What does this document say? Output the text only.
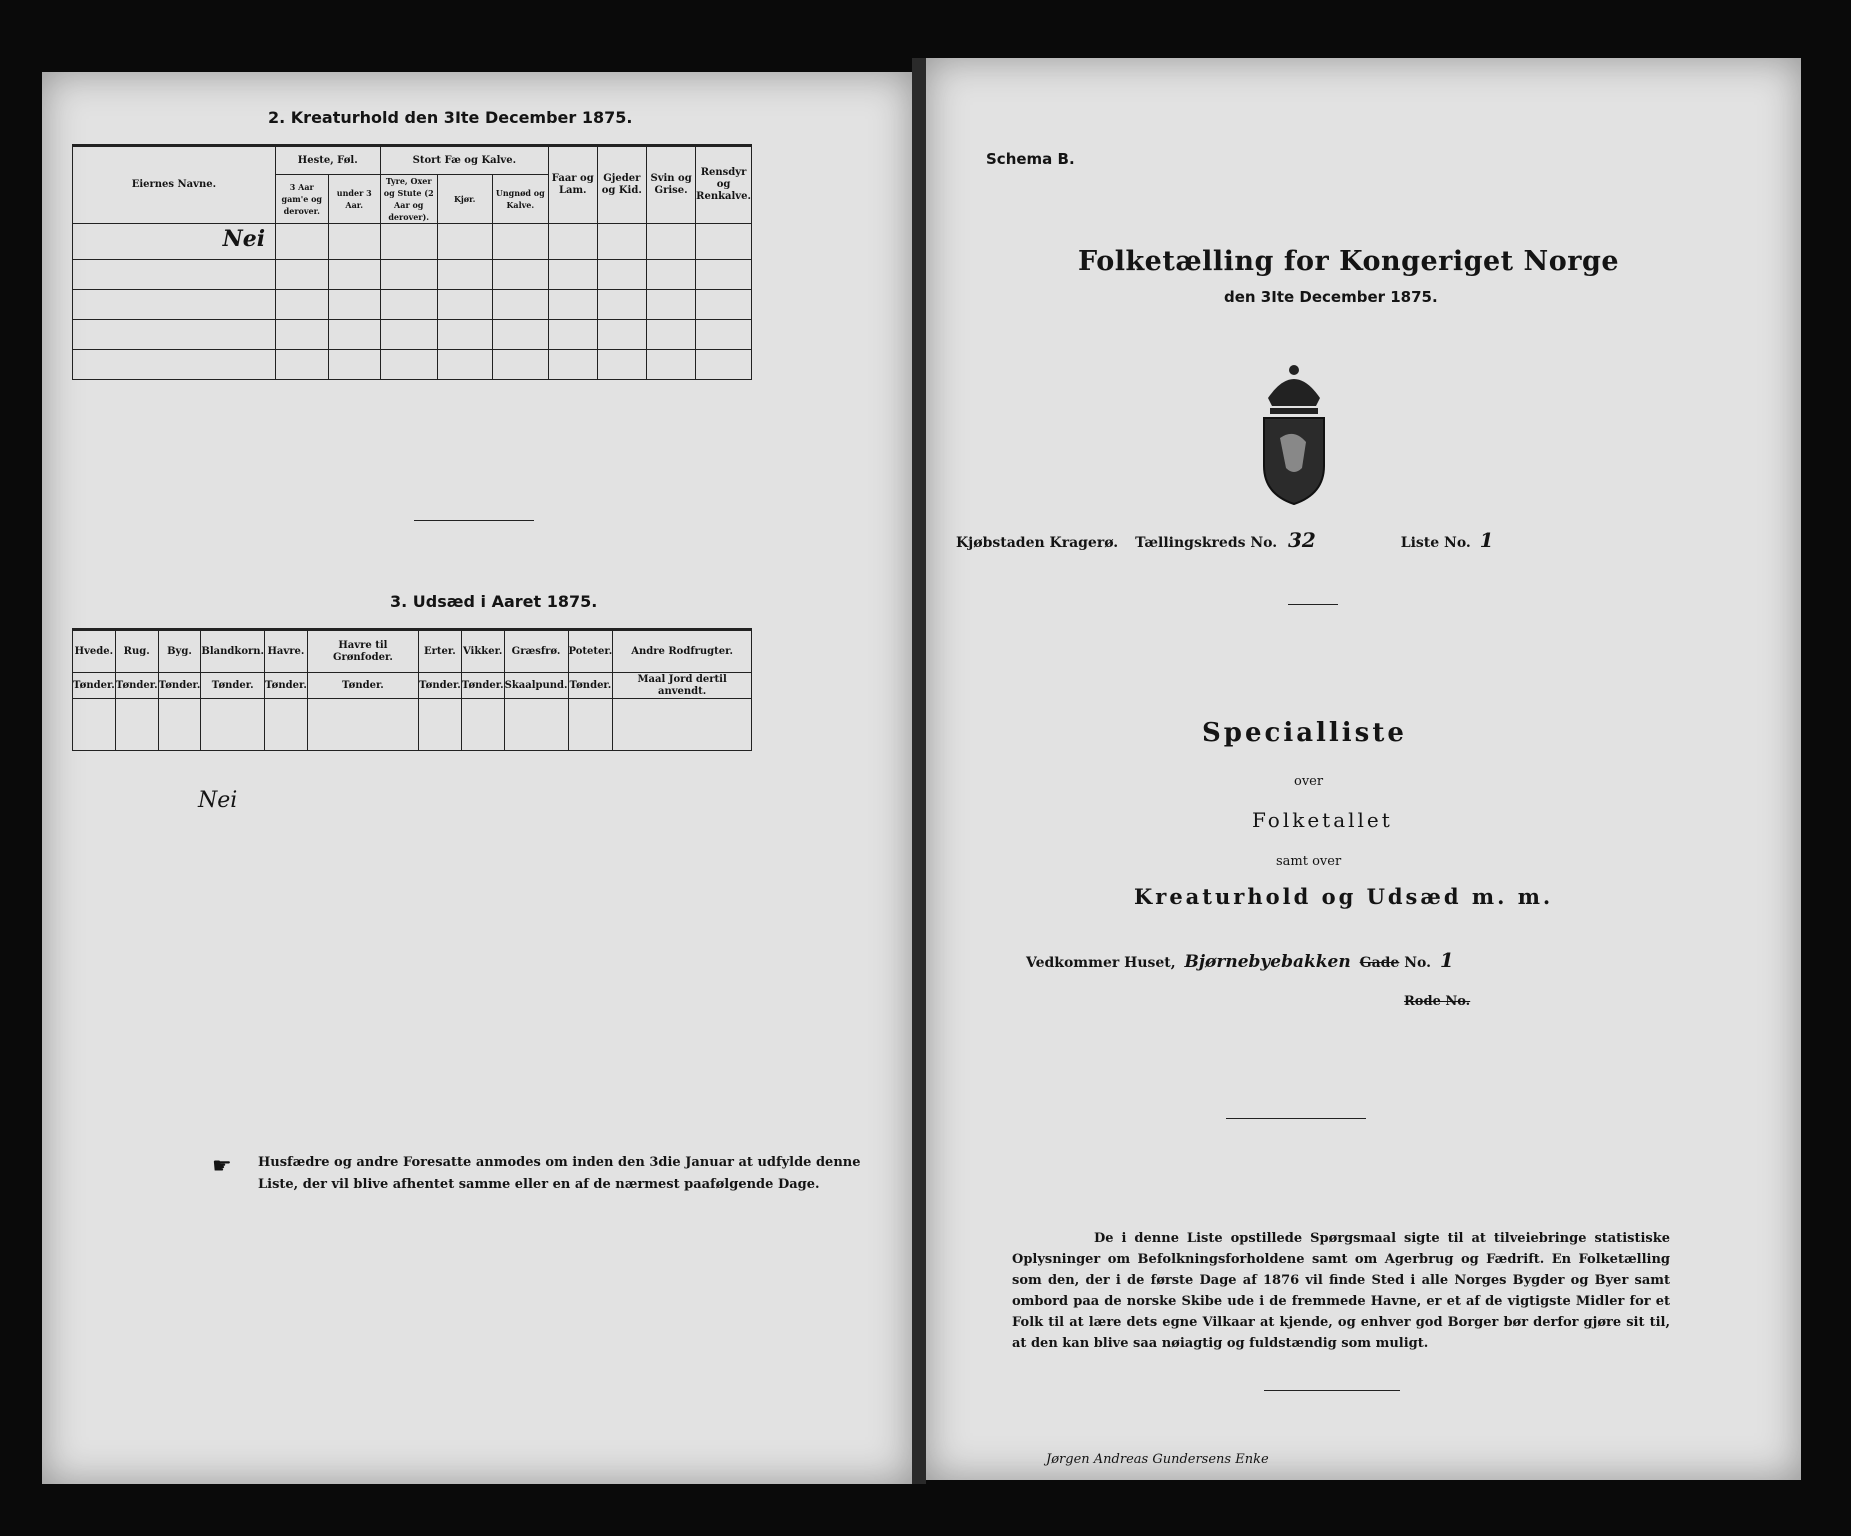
2. Kreaturhold den 3Ite December 1875.
Eiernes Navne.	Heste, Føl.		Stort Fæ og Kalve.			Faar og Lam.	Gjeder og Kid.	Svin og Grise.	Rensdyr og Renkalve.
	3 Aar gam'e og derover.	under 3 Aar.	Tyre, Oxer og Stute (2 Aar og derover).	Kjør.	Ungnød og Kalve.				
Nei									

3. Udsæd i Aaret 1875.
Hvede.	Rug.	Byg.	Blandkorn.	Havre.	Havre til Grønfoder.	Erter.	Vikker.	Græsfrø.	Poteter.	Andre Rodfrugter.
Tønder.	Tønder.	Tønder.	Tønder.	Tønder.	Tønder.	Tønder.	Tønder.	Skaalpund.	Tønder.	Maal Jord dertil anvendt.

Nei
☛ Husfædre og andre Foresatte anmodes om inden den 3die Januar at udfylde denne Liste, der vil blive afhentet samme eller en af de nærmest paafølgende Dage.
Schema B.
Folketælling for Kongeriget Norge
den 3Ite December 1875.
Kjøbstaden Kragerø. Tællingskreds No. 32	Liste No. 1
Specialliste
over
Folketallet
samt over
Kreaturhold og Udsæd m. m.
Vedkommer Huset, Bjørnebyebakken Gade No. 1
Rode No.
De i denne Liste opstillede Spørgsmaal sigte til at tilveiebringe statistiske Oplysninger om Befolkningsforholdene samt om Agerbrug og Fædrift. En Folketælling som den, der i de første Dage af 1876 vil finde Sted i alle Norges Bygder og Byer samt ombord paa de norske Skibe ude i de fremmede Havne, er et af de vigtigste Midler for et Folk til at lære dets egne Vilkaar at kjende, og enhver god Borger bør derfor gjøre sit til, at den kan blive saa nøiagtig og fuldstændig som muligt.
Jørgen Andreas Gundersens Enke
